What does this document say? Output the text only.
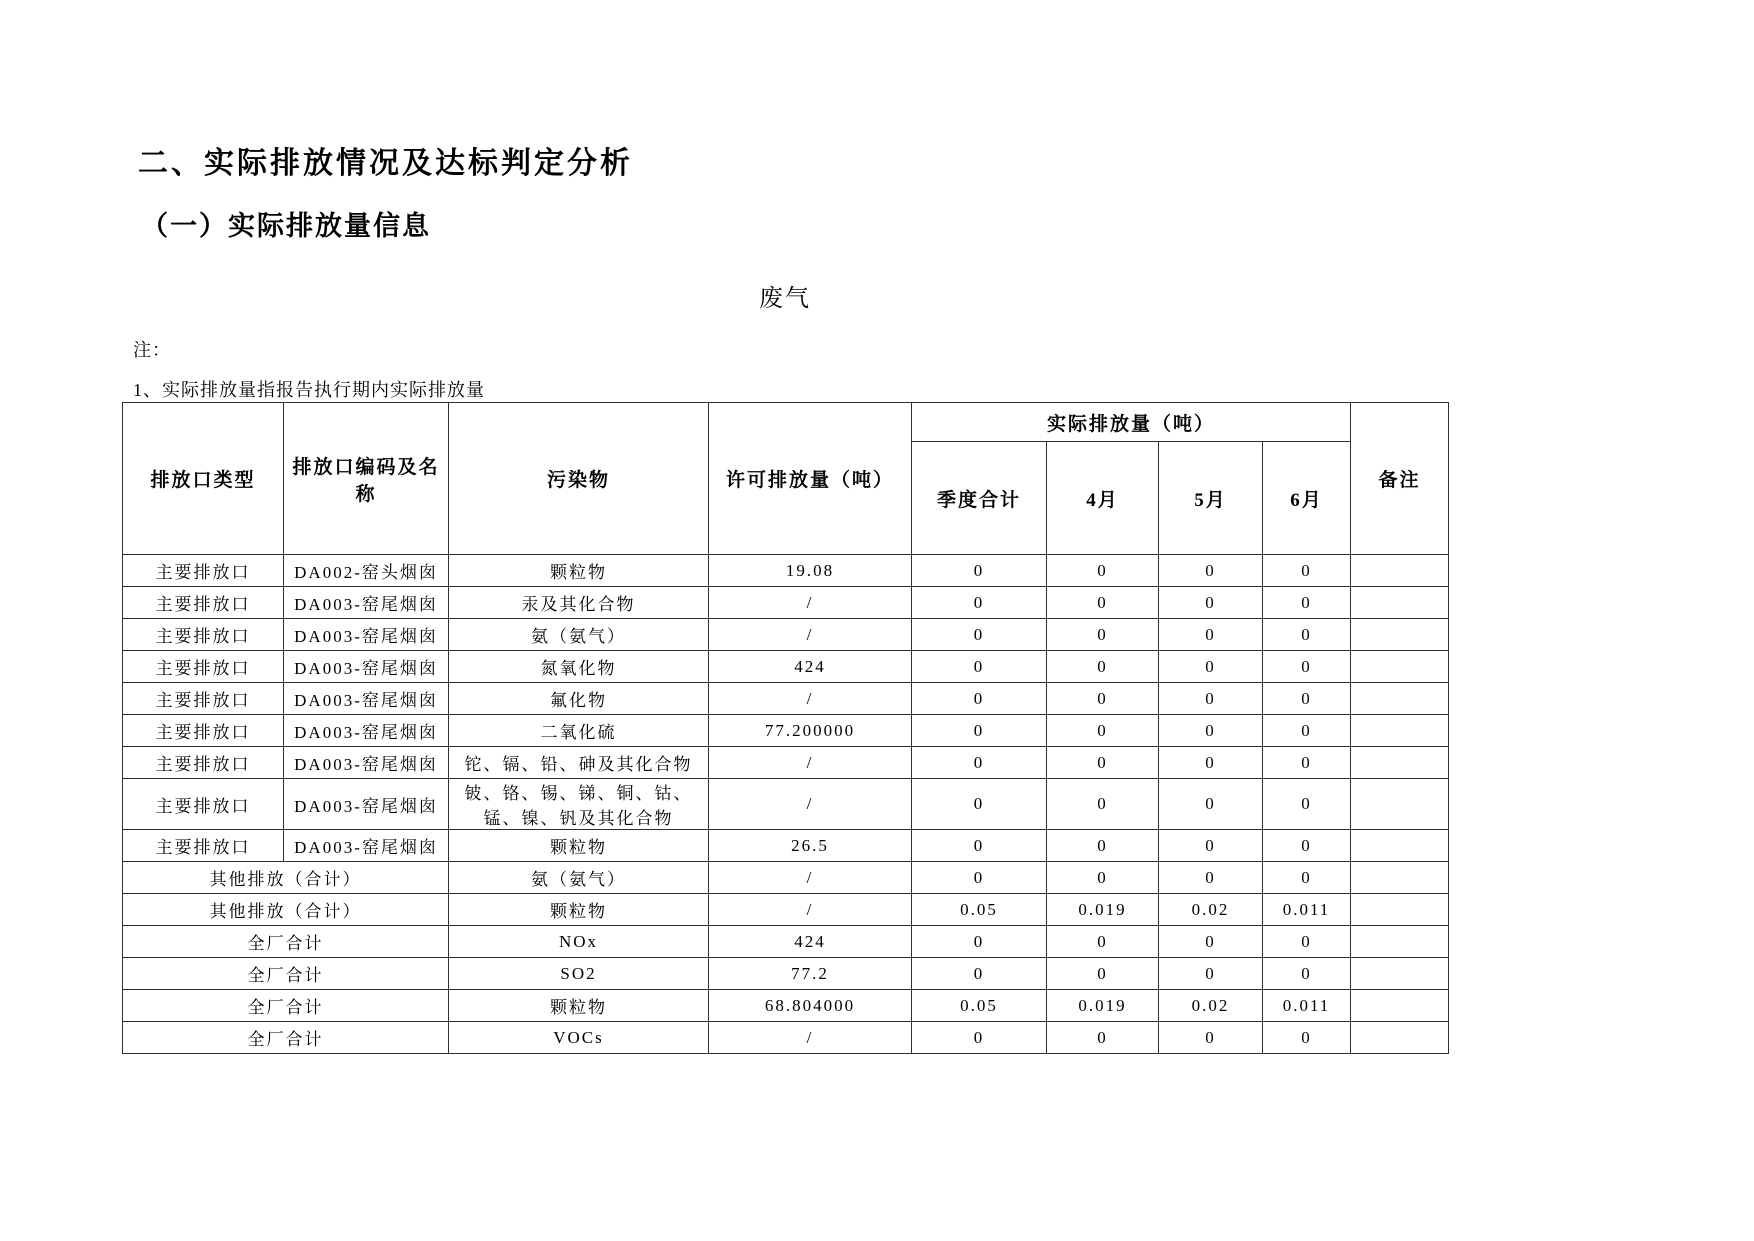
二、实际排放情况及达标判定分析
（一）实际排放量信息
废气
注：
1、实际排放量指报告执行期内实际排放量
排放口类型	排放口编码及名称	污染物	许可排放量（吨）	实际排放量（吨）				备注
				季度合计	4月	5月	6月	
主要排放口	DA002-窑头烟囱	颗粒物	19.08	0	0	0	0	
主要排放口	DA003-窑尾烟囱	汞及其化合物	/	0	0	0	0	
主要排放口	DA003-窑尾烟囱	氨（氨气）	/	0	0	0	0	
主要排放口	DA003-窑尾烟囱	氮氧化物	424	0	0	0	0	
主要排放口	DA003-窑尾烟囱	氟化物	/	0	0	0	0	
主要排放口	DA003-窑尾烟囱	二氧化硫	77.200000	0	0	0	0	
主要排放口	DA003-窑尾烟囱	铊、镉、铅、砷及其化合物	/	0	0	0	0	
主要排放口	DA003-窑尾烟囱	铍、铬、锡、锑、铜、钴、锰、镍、钒及其化合物	/	0	0	0	0	
主要排放口	DA003-窑尾烟囱	颗粒物	26.5	0	0	0	0	
其他排放（合计）		氨（氨气）	/	0	0	0	0	
其他排放（合计）		颗粒物	/	0.05	0.019	0.02	0.011	
全厂合计		NOx	424	0	0	0	0	
全厂合计		SO2	77.2	0	0	0	0	
全厂合计		颗粒物	68.804000	0.05	0.019	0.02	0.011	
全厂合计		VOCs	/	0	0	0	0	
